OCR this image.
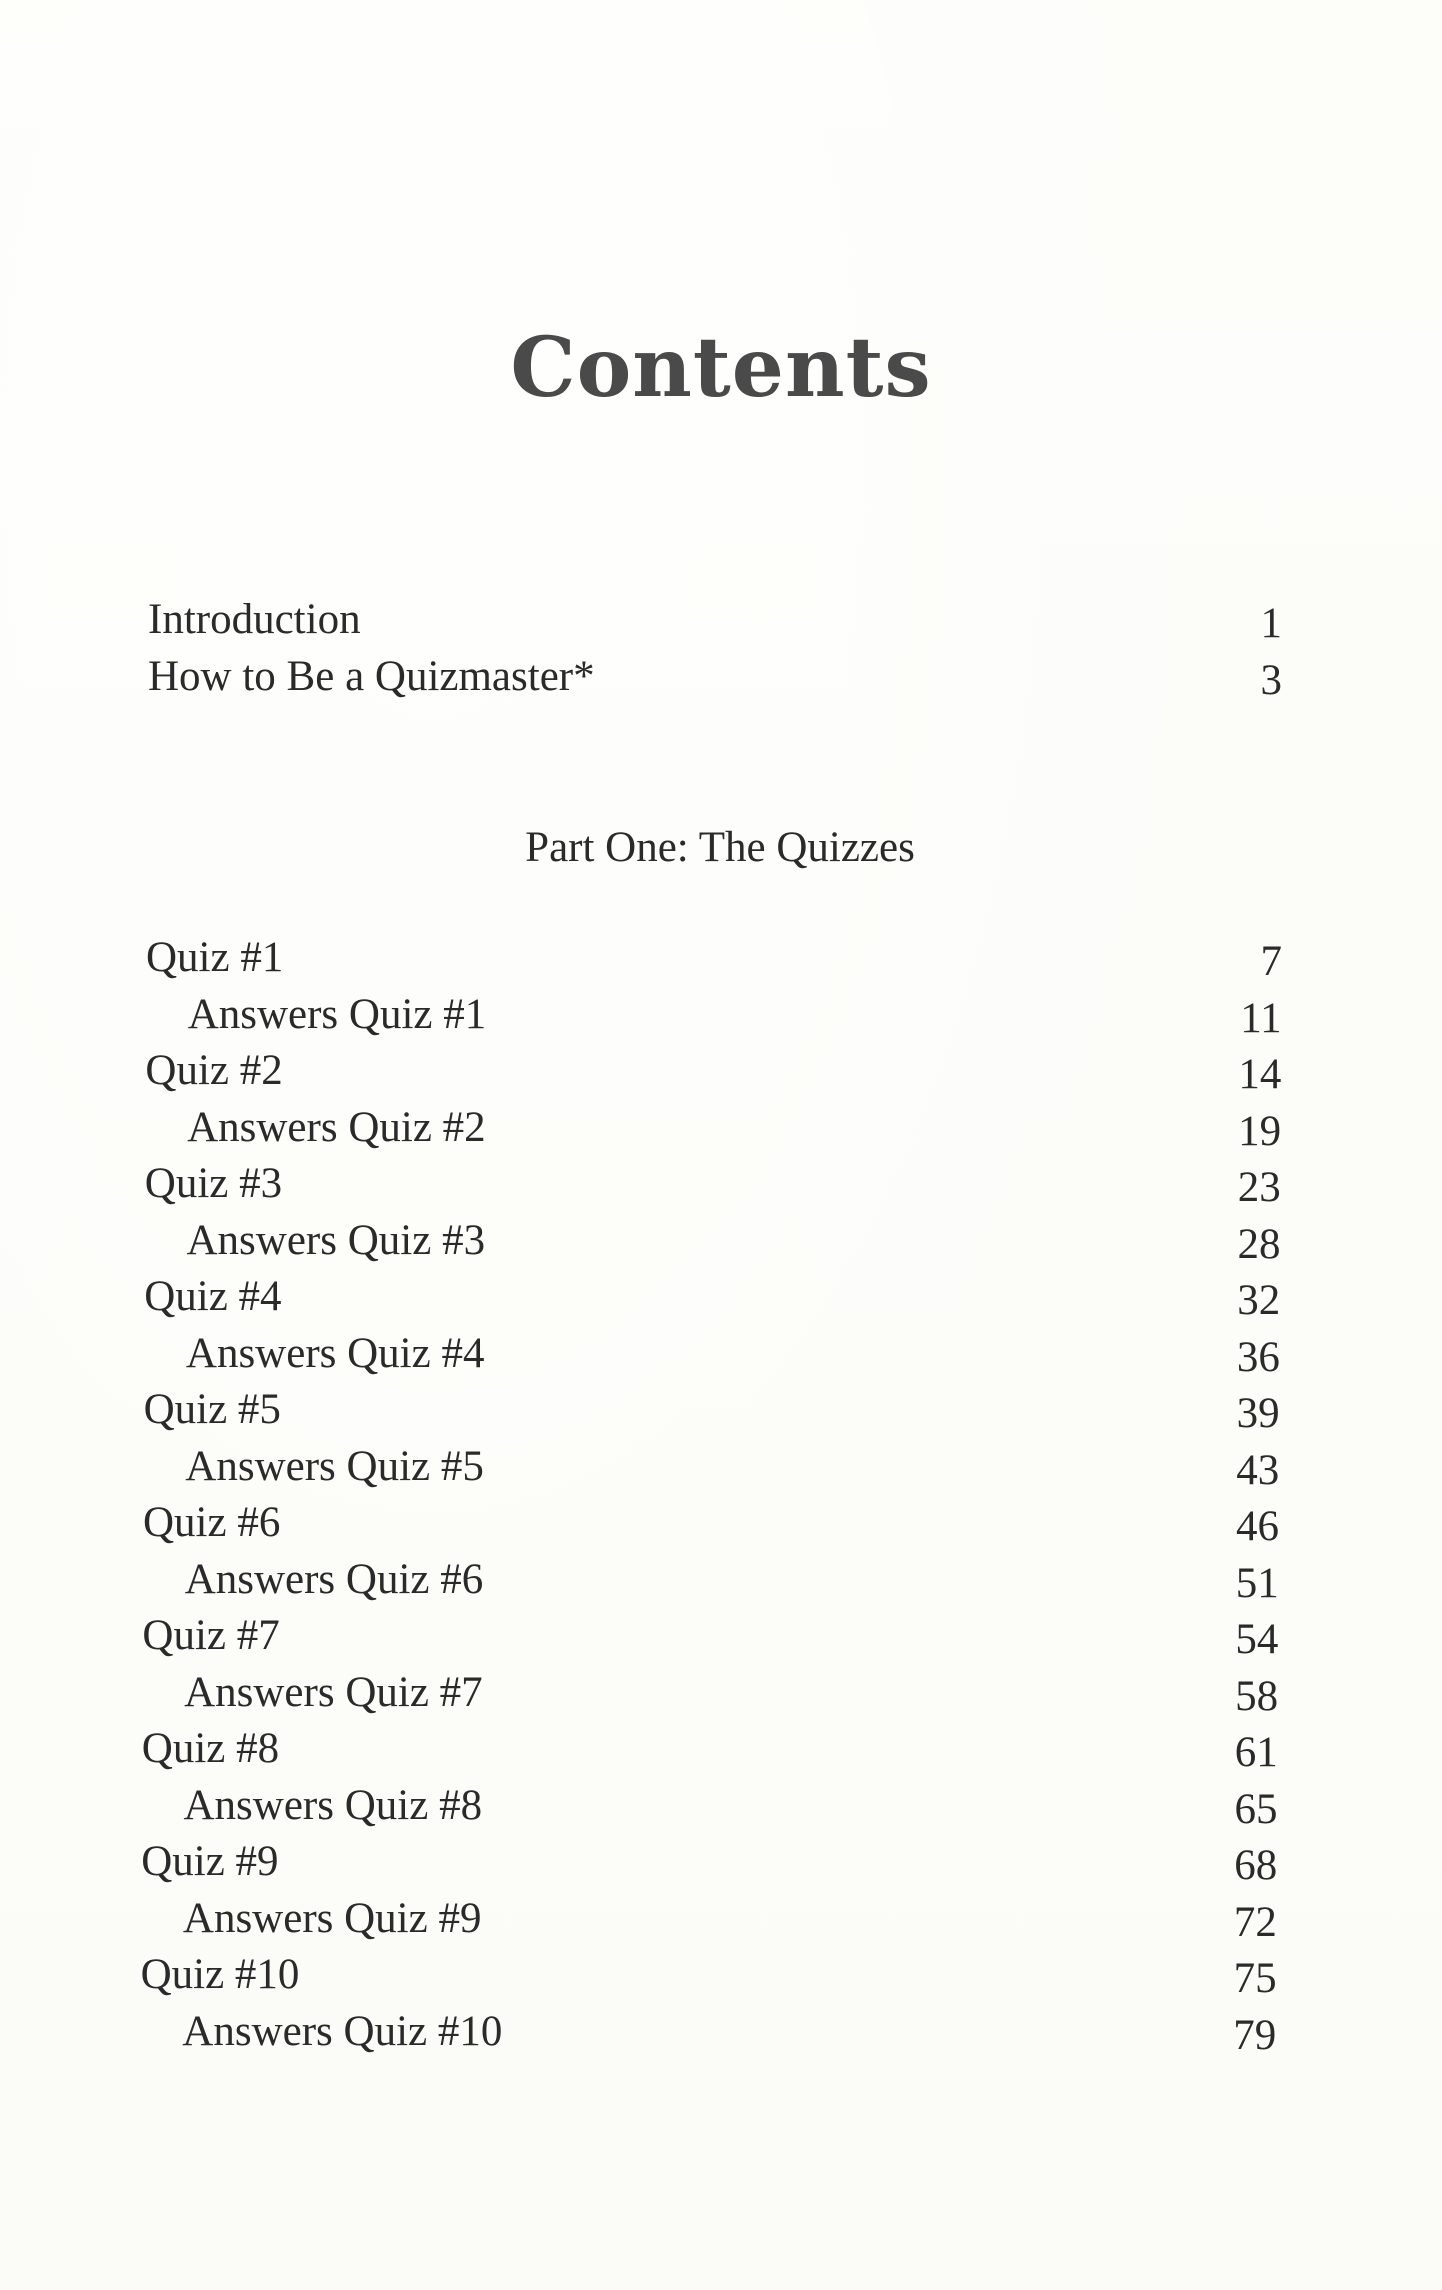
Contents
Introduction	1
How to Be a Quizmaster*	3
Part One: The Quizzes
Quiz #1	7
Answers Quiz #1	11
Quiz #2	14
Answers Quiz #2	19
Quiz #3	23
Answers Quiz #3	28
Quiz #4	32
Answers Quiz #4	36
Quiz #5	39
Answers Quiz #5	43
Quiz #6	46
Answers Quiz #6	51
Quiz #7	54
Answers Quiz #7	58
Quiz #8	61
Answers Quiz #8	65
Quiz #9	68
Answers Quiz #9	72
Quiz #10	75
Answers Quiz #10	79
